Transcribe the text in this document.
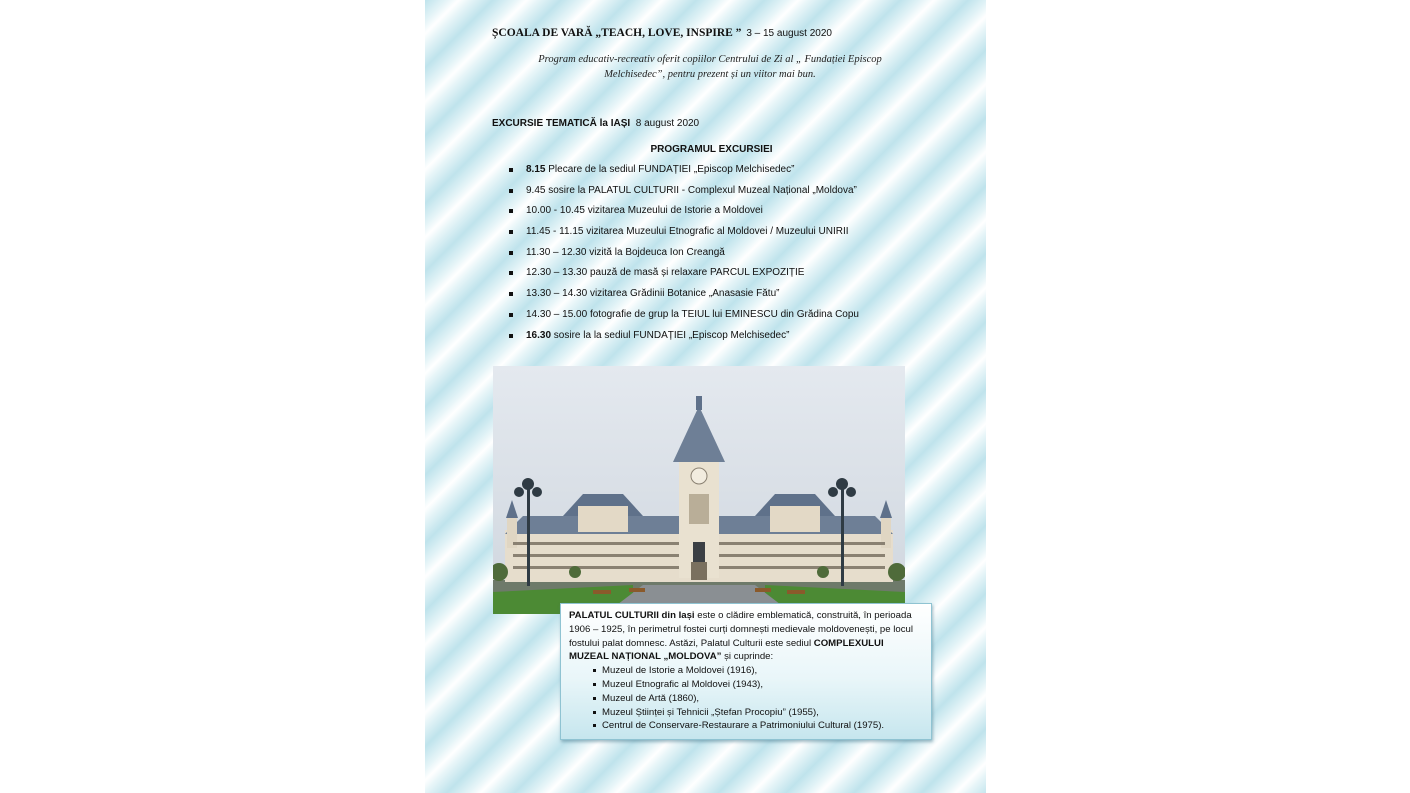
ȘCOALA DE VARĂ „TEACH, LOVE, INSPIRE ” 3 – 15 august 2020
Program educativ-recreativ oferit copiilor Centrului de Zi al „ Fundației Episcop Melchisedec”, pentru prezent și un viitor mai bun.
EXCURSIE TEMATICĂ la IAȘI 8 august 2020
PROGRAMUL EXCURSIEI
8.15 Plecare de la sediul FUNDAȚIEI „Episcop Melchisedec”
9.45 sosire la PALATUL CULTURII - Complexul Muzeal Național „Moldova”
10.00 - 10.45 vizitarea Muzeului de Istorie a Moldovei
11.45 - 11.15 vizitarea Muzeului Etnografic al Moldovei / Muzeului UNIRII
11.30 – 12.30 vizită la Bojdeuca Ion Creangă
12.30 – 13.30 pauză de masă și relaxare PARCUL EXPOZIȚIE
13.30 – 14.30 vizitarea Grădinii Botanice „Anasasie Fătu”
14.30 – 15.00 fotografie de grup la TEIUL lui EMINESCU din Grădina Copu
16.30 sosire la la sediul FUNDAȚIEI „Episcop Melchisedec”

PALATUL CULTURII din Iași este o clădire emblematică, construită, în perioada 1906 – 1925, în perimetrul fostei curți domnești medievale moldovenești, pe locul fostului palat domnesc. Astăzi, Palatul Culturii este sediul COMPLEXULUI MUZEAL NAȚIONAL „MOLDOVA” și cuprinde:

Muzeul de Istorie a Moldovei (1916),
Muzeul Etnografic al Moldovei (1943),
Muzeul de Artă (1860),
Muzeul Științei și Tehnicii „Ștefan Procopiu” (1955),
Centrul de Conservare-Restaurare a Patrimoniului Cultural (1975).
